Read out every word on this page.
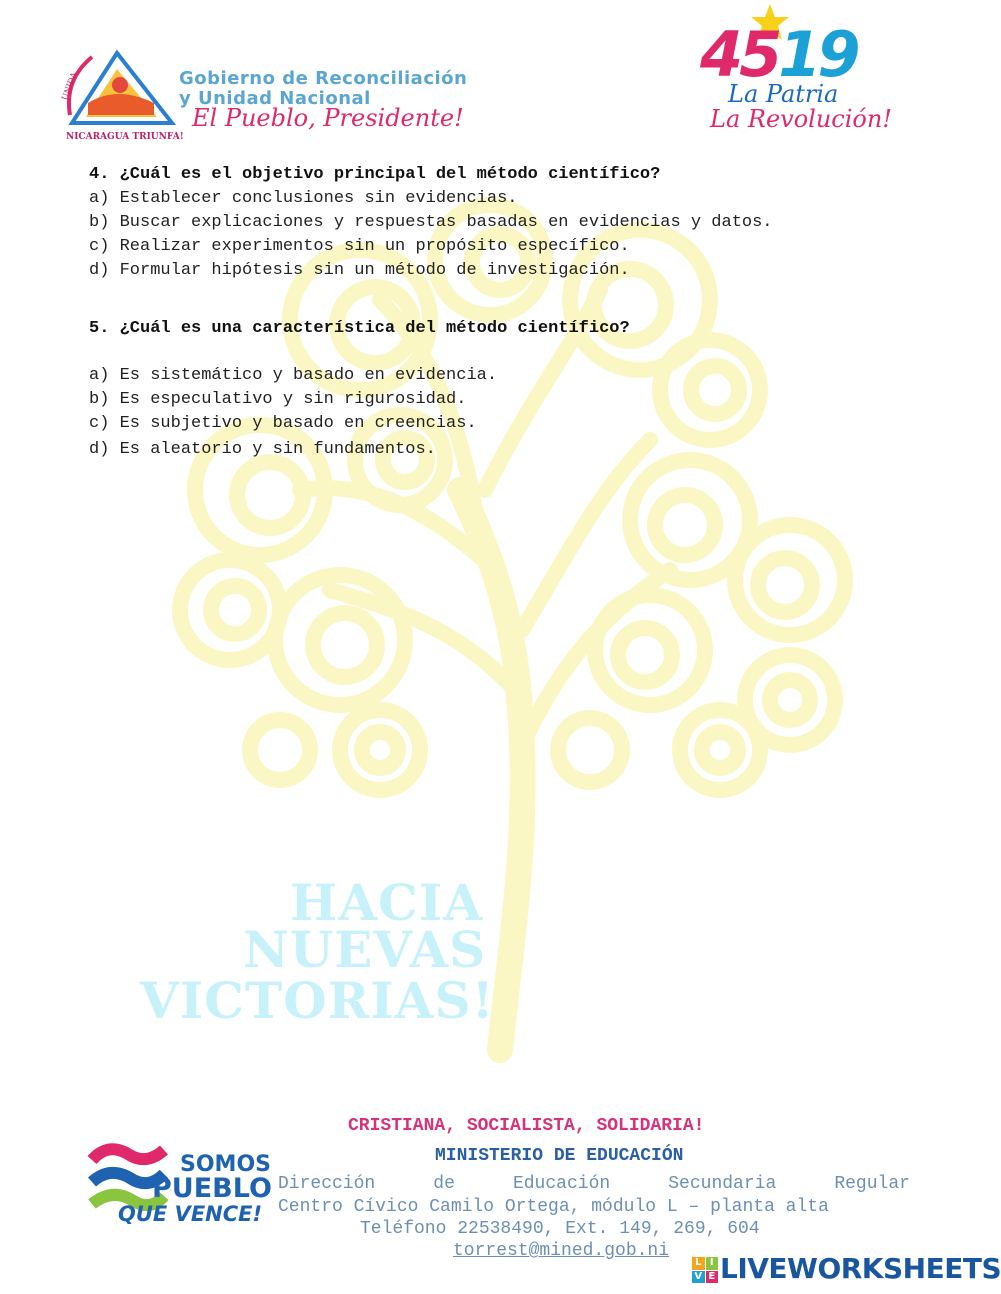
HACIA
NUEVAS
VICTORIAS!
NICARAGUA TRIUNFA!
UNIDA	Gobierno de Reconciliación
y Unidad Nacional
El Pueblo, Presidente!
4519
La Patria
La Revolución!
4. ¿Cuál es el objetivo principal del método científico?
a) Establecer conclusiones sin evidencias.
b) Buscar explicaciones y respuestas basadas en evidencias y datos.
c) Realizar experimentos sin un propósito específico.
d) Formular hipótesis sin un método de investigación.
5. ¿Cuál es una característica del método científico?
a) Es sistemático y basado en evidencia.
b) Es especulativo y sin rigurosidad.
c) Es subjetivo y basado en creencias.
d) Es aleatorio y sin fundamentos.
CRISTIANA, SOCIALISTA, SOLIDARIA!
MINISTERIO DE EDUCACIÓN
Dirección	de	Educación	Secundaria	Regular
Centro Cívico Camilo Ortega, módulo L – planta alta
Teléfono 22538490, Ext. 149, 269, 604
torrest@mined.gob.ni
SOMOS
PUEBLO
QUE VENCE!
L I
V E LIVEWORKSHEETS
